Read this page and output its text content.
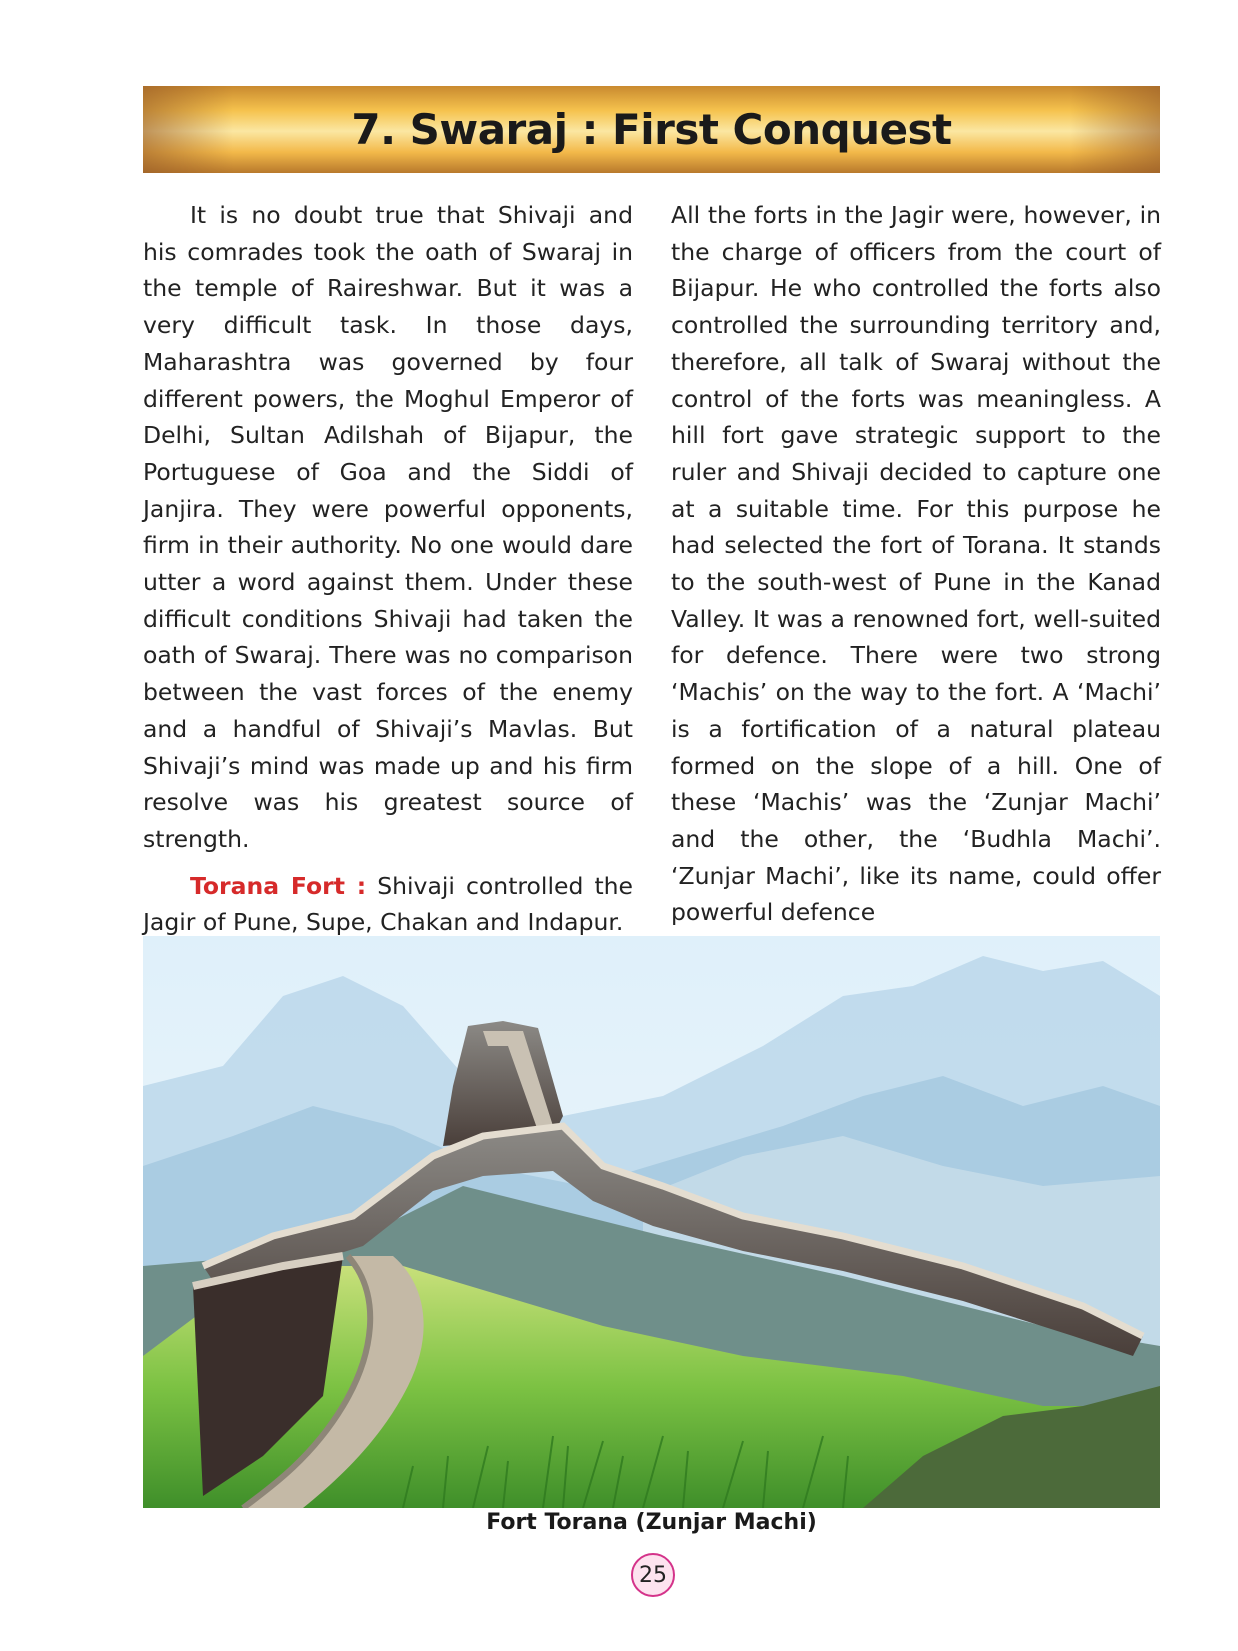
7. Swaraj : First Conquest

It is no doubt true that Shivaji and his comrades took the oath of Swaraj in the temple of Raireshwar. But it was a very difficult task. In those days, Maharashtra was governed by four different powers, the Moghul Emperor of Delhi, Sultan Adilshah of Bijapur, the Portuguese of Goa and the Siddi of Janjira. They were powerful opponents, firm in their authority. No one would dare utter a word against them. Under these difficult conditions Shivaji had taken the oath of Swaraj. There was no comparison between the vast forces of the enemy and a handful of Shivaji’s Mavlas. But Shivaji’s mind was made up and his firm resolve was his greatest source of strength.

Torana Fort : Shivaji controlled the Jagir of Pune, Supe, Chakan and Indapur.

All the forts in the Jagir were, however, in the charge of officers from the court of Bijapur. He who controlled the forts also controlled the surrounding territory and, therefore, all talk of Swaraj without the control of the forts was meaningless. A hill fort gave strategic support to the ruler and Shivaji decided to capture one at a suitable time. For this purpose he had selected the fort of Torana. It stands to the south-west of Pune in the Kanad Valley. It was a renowned fort, well-suited for defence. There were two strong ‘Machis’ on the way to the fort. A ‘Machi’ is a fortification of a natural plateau formed on the slope of a hill. One of these ‘Machis’ was the ‘Zunjar Machi’ and the other, the ‘Budhla Machi’. ‘Zunjar Machi’, like its name, could offer powerful defence

Fort Torana (Zunjar Machi)
25
